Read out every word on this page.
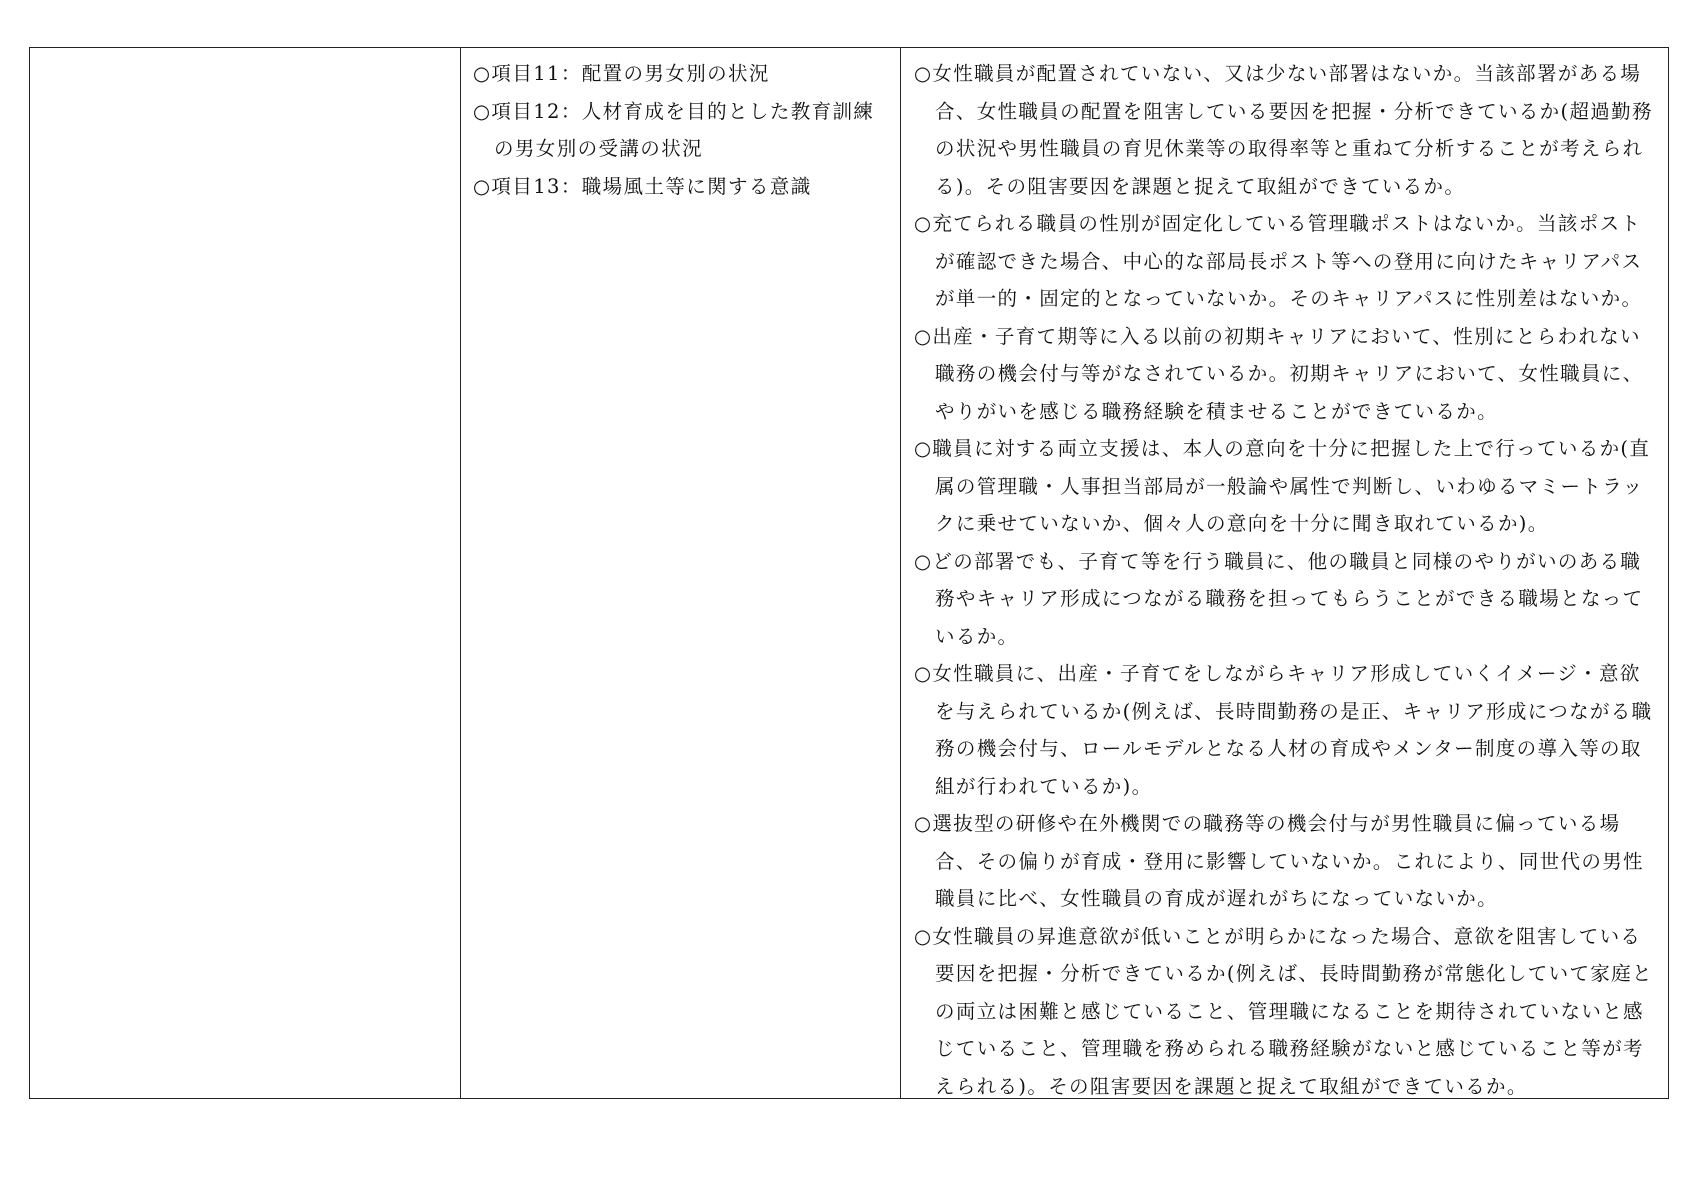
○項目11：配置の男女別の状況

○項目12：人材育成を目的とした教育訓練の男女別の受講の状況

○項目13：職場風土等に関する意識

○女性職員が配置されていない、又は少ない部署はないか。当該部署がある場合、女性職員の配置を阻害している要因を把握・分析できているか(超過勤務の状況や男性職員の育児休業等の取得率等と重ねて分析することが考えられる)。その阻害要因を課題と捉えて取組ができているか。

○充てられる職員の性別が固定化している管理職ポストはないか。当該ポストが確認できた場合、中心的な部局長ポスト等への登用に向けたキャリアパスが単一的・固定的となっていないか。そのキャリアパスに性別差はないか。

○出産・子育て期等に入る以前の初期キャリアにおいて、性別にとらわれない職務の機会付与等がなされているか。初期キャリアにおいて、女性職員に、やりがいを感じる職務経験を積ませることができているか。

○職員に対する両立支援は、本人の意向を十分に把握した上で行っているか(直属の管理職・人事担当部局が一般論や属性で判断し、いわゆるマミートラックに乗せていないか、個々人の意向を十分に聞き取れているか)。

○どの部署でも、子育て等を行う職員に、他の職員と同様のやりがいのある職務やキャリア形成につながる職務を担ってもらうことができる職場となっているか。

○女性職員に、出産・子育てをしながらキャリア形成していくイメージ・意欲を与えられているか(例えば、長時間勤務の是正、キャリア形成につながる職務の機会付与、ロールモデルとなる人材の育成やメンター制度の導入等の取組が行われているか)。

○選抜型の研修や在外機関での職務等の機会付与が男性職員に偏っている場合、その偏りが育成・登用に影響していないか。これにより、同世代の男性職員に比べ、女性職員の育成が遅れがちになっていないか。

○女性職員の昇進意欲が低いことが明らかになった場合、意欲を阻害している要因を把握・分析できているか(例えば、長時間勤務が常態化していて家庭との両立は困難と感じていること、管理職になることを期待されていないと感じていること、管理職を務められる職務経験がないと感じていること等が考えられる)。その阻害要因を課題と捉えて取組ができているか。
